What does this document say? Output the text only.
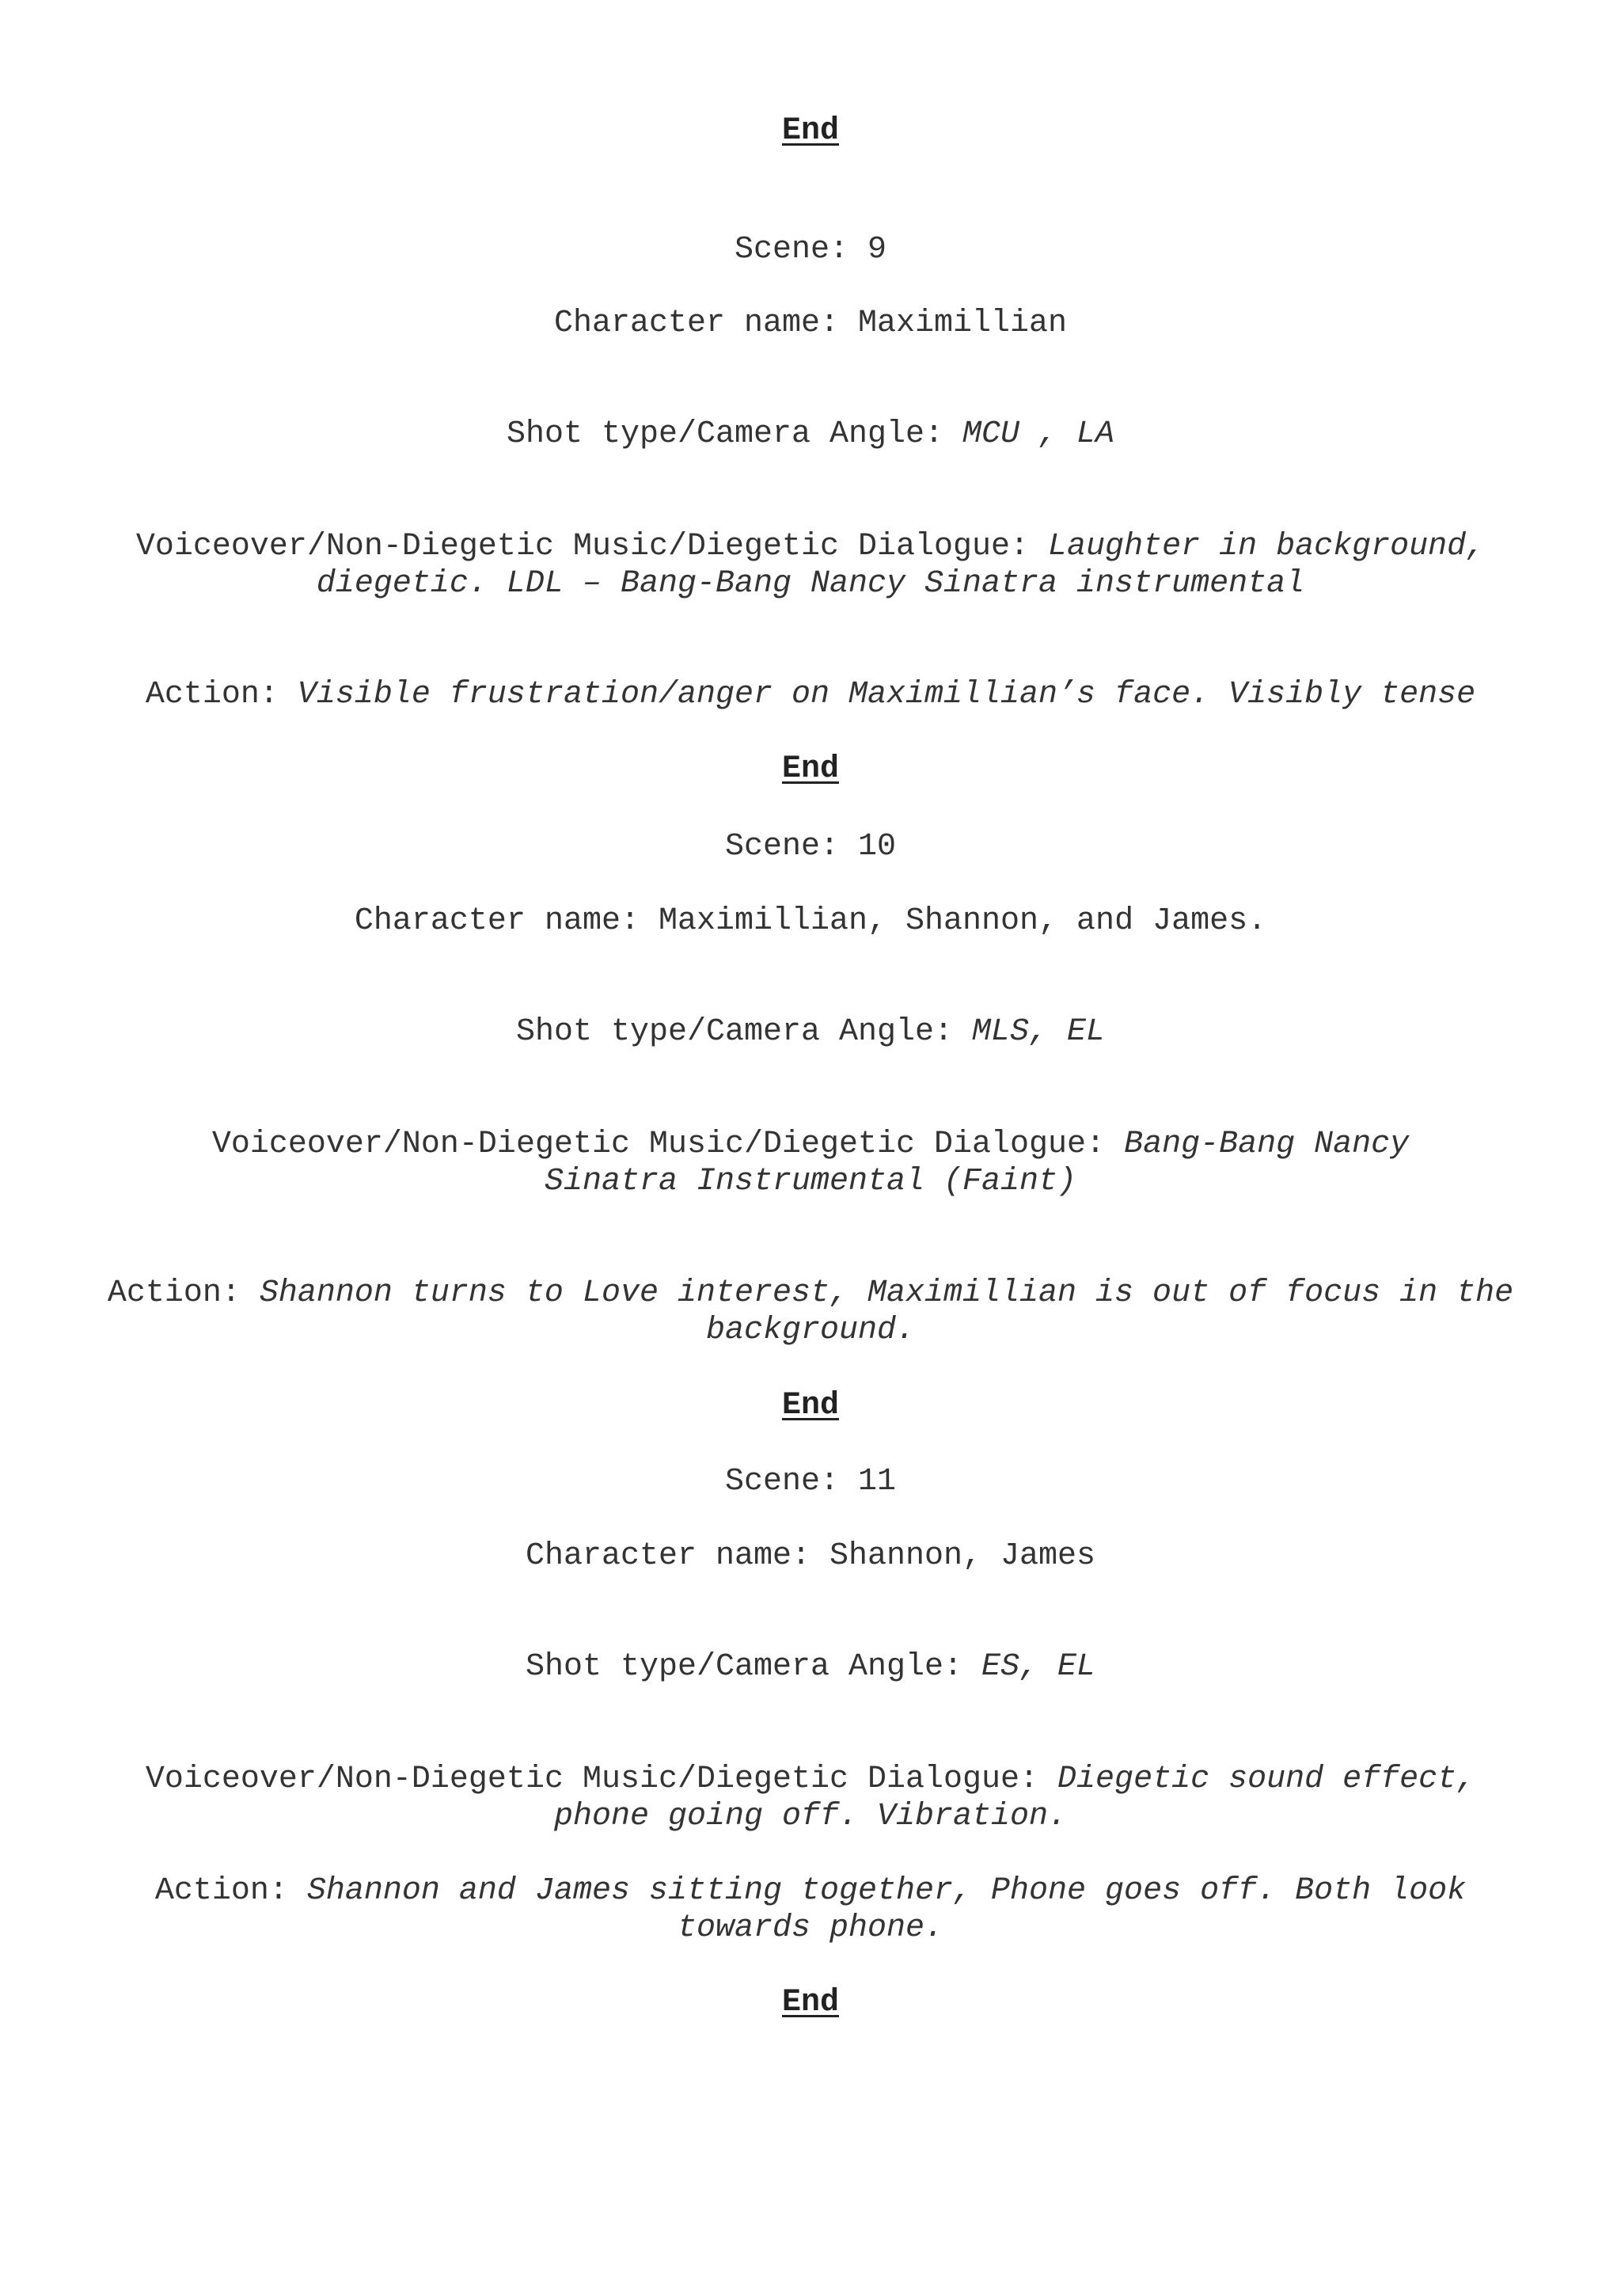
End

Scene: 9

Character name: Maximillian

Shot type/Camera Angle: MCU , LA

Voiceover/Non-Diegetic Music/Diegetic Dialogue: Laughter in background, diegetic. LDL – Bang-Bang Nancy Sinatra instrumental

Action: Visible frustration/anger on Maximillian’s face. Visibly tense

End

Scene: 10

Character name: Maximillian, Shannon, and James.

Shot type/Camera Angle: MLS, EL

Voiceover/Non-Diegetic Music/Diegetic Dialogue: Bang-Bang Nancy Sinatra Instrumental (Faint)

Action: Shannon turns to Love interest, Maximillian is out of focus in the background.

End

Scene: 11

Character name: Shannon, James

Shot type/Camera Angle: ES, EL

Voiceover/Non-Diegetic Music/Diegetic Dialogue: Diegetic sound effect, phone going off. Vibration.

Action: Shannon and James sitting together, Phone goes off. Both look towards phone.

End
